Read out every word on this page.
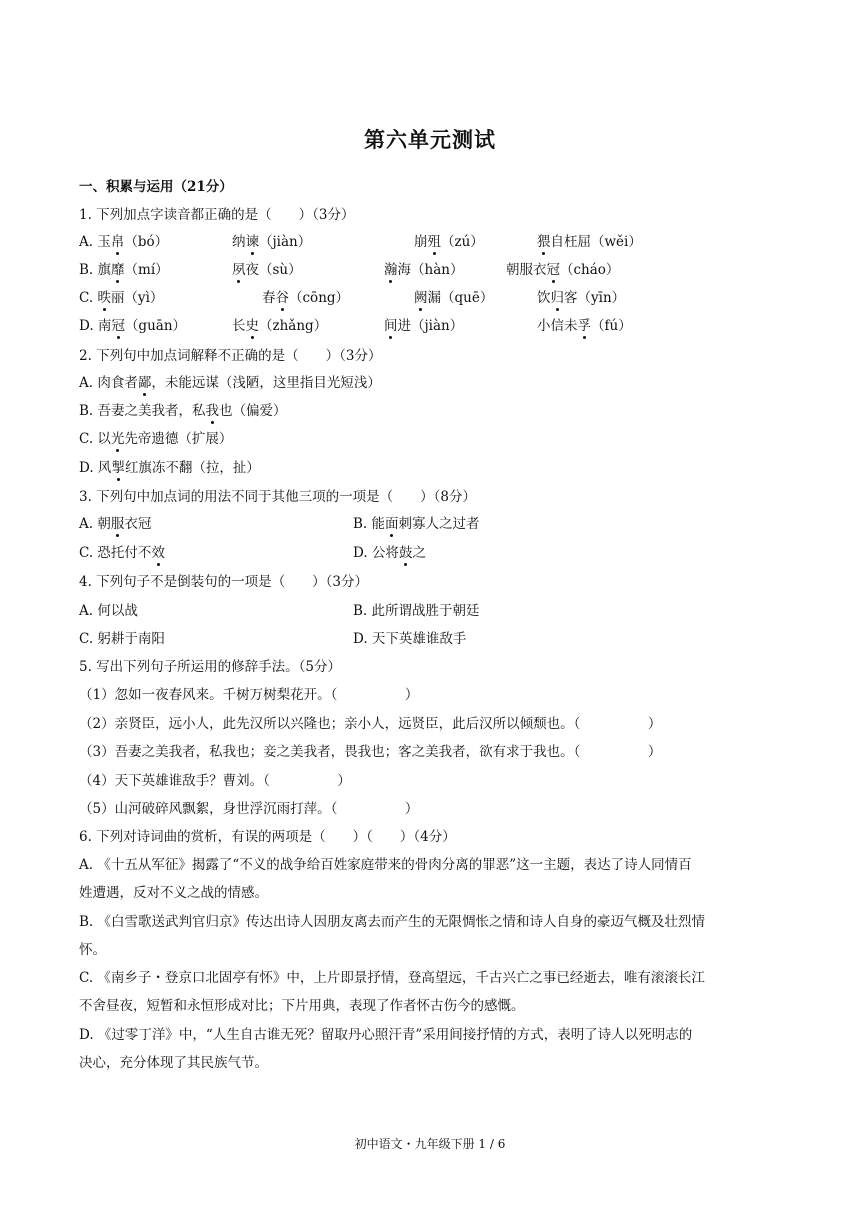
第六单元测试
一、积累与运用（21分）
1. 下列加点字读音都正确的是（　　）（3分）
A. 玉帛（bó）	纳谏（jiàn）	崩殂（zú）	猥自枉屈（wěi）
B. 旗靡（mí）	夙夜（sù）	瀚海（hàn）	朝服衣冠（cháo）
C. 昳丽（yì）	春谷（cōng）	阙漏（quē）	饮归客（yīn）
D. 南冠（guān）	长史（zhǎng）	间进（jiàn）	小信未孚（fú）
2. 下列句中加点词解释不正确的是（　　）（3分）
A. 肉食者鄙，未能远谋（浅陋，这里指目光短浅）
B. 吾妻之美我者，私我也（偏爱）
C. 以光先帝遗德（扩展）
D. 风掣红旗冻不翻（拉，扯）
3. 下列句中加点词的用法不同于其他三项的一项是（　　）（8分）
A. 朝服衣冠	B. 能面刺寡人之过者
C. 恐托付不效	D. 公将鼓之
4. 下列句子不是倒装句的一项是（　　）（3分）
A. 何以战	B. 此所谓战胜于朝廷
C. 躬耕于南阳	D. 天下英雄谁敌手
5. 写出下列句子所运用的修辞手法。（5分）
（1）忽如一夜春风来。千树万树梨花开。（　　　　　）
（2）亲贤臣，远小人，此先汉所以兴隆也；亲小人，远贤臣，此后汉所以倾颓也。（　　　　　）
（3）吾妻之美我者，私我也；妾之美我者，畏我也；客之美我者，欲有求于我也。（　　　　　）
（4）天下英雄谁敌手？曹刘。（　　　　　）
（5）山河破碎风飘絮，身世浮沉雨打萍。（　　　　　）
6. 下列对诗词曲的赏析，有误的两项是（　　）（　　）（4分）
A. 《十五从军征》揭露了“不义的战争给百姓家庭带来的骨肉分离的罪恶”这一主题，表达了诗人同情百
姓遭遇，反对不义之战的情感。
B. 《白雪歌送武判官归京》传达出诗人因朋友离去而产生的无限惆怅之情和诗人自身的豪迈气概及壮烈情
怀。
C. 《南乡子・登京口北固亭有怀》中，上片即景抒情，登高望远，千古兴亡之事已经逝去，唯有滚滚长江
不舍昼夜，短暂和永恒形成对比；下片用典，表现了作者怀古伤今的感慨。
D. 《过零丁洋》中，“人生自古谁无死？留取丹心照汗青”采用间接抒情的方式，表明了诗人以死明志的
决心，充分体现了其民族气节。
初中语文・九年级下册 1 / 6
